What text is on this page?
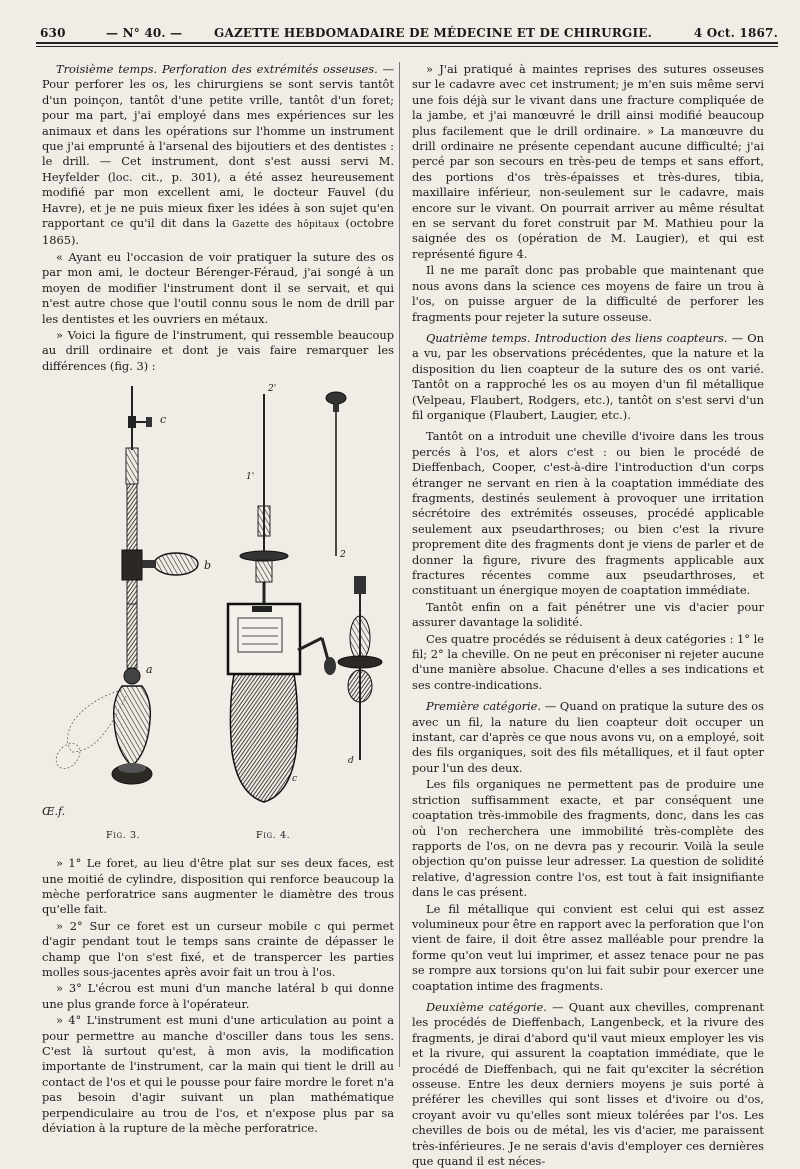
630	— N° 40. —	GAZETTE HEBDOMADAIRE DE MÉDECINE ET DE CHIRURGIE.	4 Oct. 1867.

Troisième temps. Perforation des extrémités osseuses. — Pour perforer les os, les chirurgiens se sont servis tantôt d'un poinçon, tantôt d'une petite vrille, tantôt d'un foret; pour ma part, j'ai employé dans mes expériences sur les animaux et dans les opérations sur l'homme un instrument que j'ai emprunté à l'arsenal des bijoutiers et des dentistes : le drill. — Cet instrument, dont s'est aussi servi M. Heyfelder (loc. cit., p. 301), a été assez heureusement modifié par mon excellent ami, le docteur Fauvel (du Havre), et je ne puis mieux fixer les idées à son sujet qu'en rapportant ce qu'il dit dans la Gazette des hôpitaux (octobre 1865).

« Ayant eu l'occasion de voir pratiquer la suture des os par mon ami, le docteur Bérenger-Féraud, j'ai songé à un moyen de modifier l'instrument dont il se servait, et qui n'est autre chose que l'outil connu sous le nom de drill par les dentistes et les ouvriers en métaux.

» Voici la figure de l'instrument, qui ressemble beaucoup au drill ordinaire et dont je vais faire remarquer les différences (fig. 3) :

c
b
a
2'
1'
2
c
d
Œ.f.
Fig. 3.	Fig. 4.

» 1° Le foret, au lieu d'être plat sur ses deux faces, est une moitié de cylindre, disposition qui renforce beaucoup la mèche perforatrice sans augmenter le diamètre des trous qu'elle fait.

» 2° Sur ce foret est un curseur mobile c qui permet d'agir pendant tout le temps sans crainte de dépasser le champ que l'on s'est fixé, et de transpercer les parties molles sous-jacentes après avoir fait un trou à l'os.

» 3° L'écrou est muni d'un manche latéral b qui donne une plus grande force à l'opérateur.

» 4° L'instrument est muni d'une articulation au point a pour permettre au manche d'osciller dans tous les sens. C'est là surtout qu'est, à mon avis, la modification importante de l'instrument, car la main qui tient le drill au contact de l'os et qui le pousse pour faire mordre le foret n'a pas besoin d'agir suivant un plan mathématique perpendiculaire au trou de l'os, et n'expose plus par sa déviation à la rupture de la mèche perforatrice.

» J'ai pratiqué à maintes reprises des sutures osseuses sur le cadavre avec cet instrument; je m'en suis même servi une fois déjà sur le vivant dans une fracture compliquée de la jambe, et j'ai manœuvré le drill ainsi modifié beaucoup plus facilement que le drill ordinaire. » La manœuvre du drill ordinaire ne présente cependant aucune difficulté; j'ai percé par son secours en très-peu de temps et sans effort, des portions d'os très-épaisses et très-dures, tibia, maxillaire inférieur, non-seulement sur le cadavre, mais encore sur le vivant. On pourrait arriver au même résultat en se servant du foret construit par M. Mathieu pour la saignée des os (opération de M. Laugier), et qui est représenté figure 4.

Il ne me paraît donc pas probable que maintenant que nous avons dans la science ces moyens de faire un trou à l'os, on puisse arguer de la difficulté de perforer les fragments pour rejeter la suture osseuse.

Quatrième temps. Introduction des liens coapteurs. — On a vu, par les observations précédentes, que la nature et la disposition du lien coapteur de la suture des os ont varié. Tantôt on a rapproché les os au moyen d'un fil métallique (Velpeau, Flaubert, Rodgers, etc.), tantôt on s'est servi d'un fil organique (Flaubert, Laugier, etc.).

Tantôt on a introduit une cheville d'ivoire dans les trous percés à l'os, et alors c'est : ou bien le procédé de Dieffenbach, Cooper, c'est-à-dire l'introduction d'un corps étranger ne servant en rien à la coaptation immédiate des fragments, destinés seulement à provoquer une irritation sécrétoire des extrémités osseuses, procédé applicable seulement aux pseudarthroses; ou bien c'est la rivure proprement dite des fragments dont je viens de parler et de donner la figure, rivure des fragments applicable aux fractures récentes comme aux pseudarthroses, et constituant un énergique moyen de coaptation immédiate.

Tantôt enfin on a fait pénétrer une vis d'acier pour assurer davantage la solidité.

Ces quatre procédés se réduisent à deux catégories : 1° le fil; 2° la cheville. On ne peut en préconiser ni rejeter aucune d'une manière absolue. Chacune d'elles a ses indications et ses contre-indications.

Première catégorie. — Quand on pratique la suture des os avec un fil, la nature du lien coapteur doit occuper un instant, car d'après ce que nous avons vu, on a employé, soit des fils organiques, soit des fils métalliques, et il faut opter pour l'un des deux.

Les fils organiques ne permettent pas de produire une striction suffisamment exacte, et par conséquent une coaptation très-immobile des fragments, donc, dans les cas où l'on recherchera une immobilité très-complète des rapports de l'os, on ne devra pas y recourir. Voilà la seule objection qu'on puisse leur adresser. La question de solidité relative, d'agression contre l'os, est tout à fait insignifiante dans le cas présent.

Le fil métallique qui convient est celui qui est assez volumineux pour être en rapport avec la perforation que l'on vient de faire, il doit être assez malléable pour prendre la forme qu'on veut lui imprimer, et assez tenace pour ne pas se rompre aux torsions qu'on lui fait subir pour exercer une coaptation intime des fragments.

Deuxième catégorie. — Quant aux chevilles, comprenant les procédés de Dieffenbach, Langenbeck, et la rivure des fragments, je dirai d'abord qu'il vaut mieux employer les vis et la rivure, qui assurent la coaptation immédiate, que le procédé de Dieffenbach, qui ne fait qu'exciter la sécrétion osseuse. Entre les deux derniers moyens je suis porté à préférer les chevilles qui sont lisses et d'ivoire ou d'os, croyant avoir vu qu'elles sont mieux tolérées par l'os. Les chevilles de bois ou de métal, les vis d'acier, me paraissent très-inférieures. Je ne serais d'avis d'employer ces dernières que quand il est néces-
